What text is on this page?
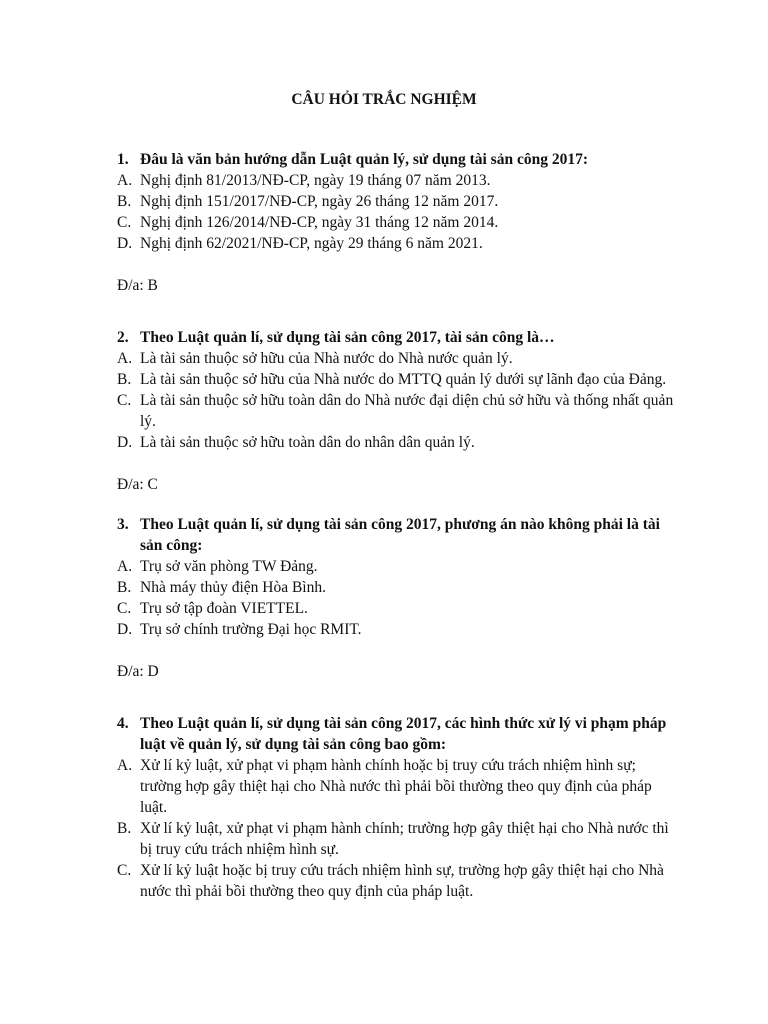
CÂU HỎI TRẮC NGHIỆM
1. Đâu là văn bản hướng dẫn Luật quản lý, sử dụng tài sản công 2017:
A. Nghị định 81/2013/NĐ-CP, ngày 19 tháng 07 năm 2013.
B. Nghị định 151/2017/NĐ-CP, ngày 26 tháng 12 năm 2017.
C. Nghị định 126/2014/NĐ-CP, ngày 31 tháng 12 năm 2014.
D. Nghị định 62/2021/NĐ-CP, ngày 29 tháng 6 năm 2021.
Đ/a: B
2. Theo Luật quản lí, sử dụng tài sản công 2017, tài sản công là…
A. Là tài sản thuộc sở hữu của Nhà nước do Nhà nước quản lý.
B. Là tài sản thuộc sở hữu của Nhà nước do MTTQ quản lý dưới sự lãnh đạo của Đảng.
C. Là tài sản thuộc sở hữu toàn dân do Nhà nước đại diện chủ sở hữu và thống nhất quản lý.
D. Là tài sản thuộc sở hữu toàn dân do nhân dân quản lý.
Đ/a: C
3. Theo Luật quản lí, sử dụng tài sản công 2017, phương án nào không phải là tài sản công:
A. Trụ sở văn phòng TW Đảng.
B. Nhà máy thủy điện Hòa Bình.
C. Trụ sở tập đoàn VIETTEL.
D. Trụ sở chính trường Đại học RMIT.
Đ/a: D
4. Theo Luật quản lí, sử dụng tài sản công 2017, các hình thức xử lý vi phạm pháp luật về quản lý, sử dụng tài sản công bao gồm:
A. Xử lí kỷ luật, xử phạt vi phạm hành chính hoặc bị truy cứu trách nhiệm hình sự; trường hợp gây thiệt hại cho Nhà nước thì phải bồi thường theo quy định của pháp luật.
B. Xử lí kỷ luật, xử phạt vi phạm hành chính; trường hợp gây thiệt hại cho Nhà nước thì bị truy cứu trách nhiệm hình sự.
C. Xử lí kỷ luật hoặc bị truy cứu trách nhiệm hình sự, trường hợp gây thiệt hại cho Nhà nước thì phải bồi thường theo quy định của pháp luật.
